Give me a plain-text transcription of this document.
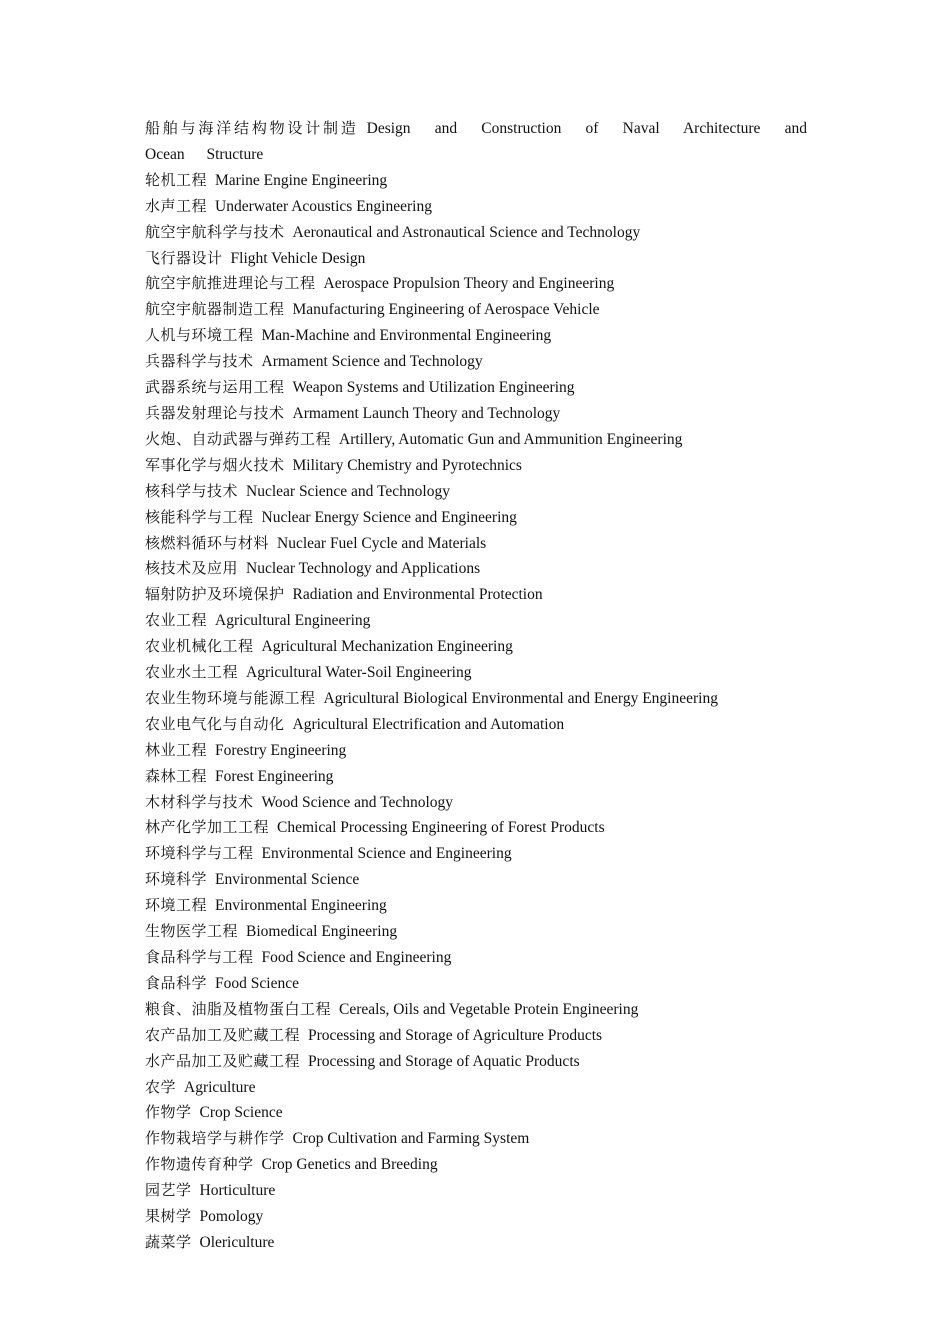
船舶与海洋结构物设计制造 Design and Construction of Naval Architecture and Ocean Structure

轮机工程 Marine Engine Engineering

水声工程 Underwater Acoustics Engineering

航空宇航科学与技术 Aeronautical and Astronautical Science and Technology

飞行器设计 Flight Vehicle Design

航空宇航推进理论与工程 Aerospace Propulsion Theory and Engineering

航空宇航器制造工程 Manufacturing Engineering of Aerospace Vehicle

人机与环境工程 Man-Machine and Environmental Engineering

兵器科学与技术 Armament Science and Technology

武器系统与运用工程 Weapon Systems and Utilization Engineering

兵器发射理论与技术 Armament Launch Theory and Technology

火炮、自动武器与弹药工程 Artillery, Automatic Gun and Ammunition Engineering

军事化学与烟火技术 Military Chemistry and Pyrotechnics

核科学与技术 Nuclear Science and Technology

核能科学与工程 Nuclear Energy Science and Engineering

核燃料循环与材料 Nuclear Fuel Cycle and Materials

核技术及应用 Nuclear Technology and Applications

辐射防护及环境保护 Radiation and Environmental Protection

农业工程 Agricultural Engineering

农业机械化工程 Agricultural Mechanization Engineering

农业水土工程 Agricultural Water-Soil Engineering

农业生物环境与能源工程 Agricultural Biological Environmental and Energy Engineering

农业电气化与自动化 Agricultural Electrification and Automation

林业工程 Forestry Engineering

森林工程 Forest Engineering

木材科学与技术 Wood Science and Technology

林产化学加工工程 Chemical Processing Engineering of Forest Products

环境科学与工程 Environmental Science and Engineering

环境科学 Environmental Science

环境工程 Environmental Engineering

生物医学工程 Biomedical Engineering

食品科学与工程 Food Science and Engineering

食品科学 Food Science

粮食、油脂及植物蛋白工程 Cereals, Oils and Vegetable Protein Engineering

农产品加工及贮藏工程 Processing and Storage of Agriculture Products

水产品加工及贮藏工程 Processing and Storage of Aquatic Products

农学 Agriculture

作物学 Crop Science

作物栽培学与耕作学 Crop Cultivation and Farming System

作物遗传育种学 Crop Genetics and Breeding

园艺学 Horticulture

果树学 Pomology

蔬菜学 Olericulture
